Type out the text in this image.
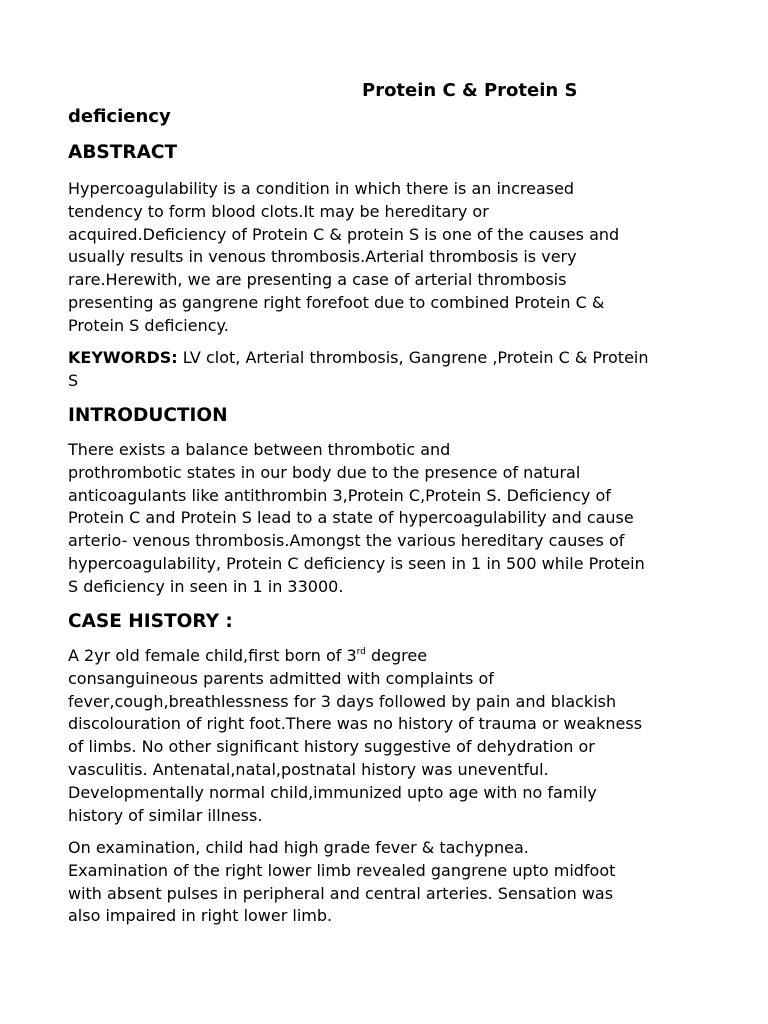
Protein C & Protein S
deficiency
ABSTRACT
Hypercoagulability is a condition in which there is an increased
tendency to form blood clots.It may be hereditary or
acquired.Deficiency of Protein C & protein S is one of the causes and
usually results in venous thrombosis.Arterial thrombosis is very
rare.Herewith, we are presenting a case of arterial thrombosis
presenting as gangrene right forefoot due to combined Protein C &
Protein S deficiency.
KEYWORDS: LV clot, Arterial thrombosis, Gangrene ,Protein C & Protein
S
INTRODUCTION
There exists a balance between thrombotic and
prothrombotic states in our body due to the presence of natural
anticoagulants like antithrombin 3,Protein C,Protein S. Deficiency of
Protein C and Protein S lead to a state of hypercoagulability and cause
arterio- venous thrombosis.Amongst the various hereditary causes of
hypercoagulability, Protein C deficiency is seen in 1 in 500 while Protein
S deficiency in seen in 1 in 33000.
CASE HISTORY :
A 2yr old female child,first born of 3rd degree
consanguineous parents admitted with complaints of
fever,cough,breathlessness for 3 days followed by pain and blackish
discolouration of right foot.There was no history of trauma or weakness
of limbs. No other significant history suggestive of dehydration or
vasculitis. Antenatal,natal,postnatal history was uneventful.
Developmentally normal child,immunized upto age with no family
history of similar illness.
On examination, child had high grade fever & tachypnea.
Examination of the right lower limb revealed gangrene upto midfoot
with absent pulses in peripheral and central arteries. Sensation was
also impaired in right lower limb.
